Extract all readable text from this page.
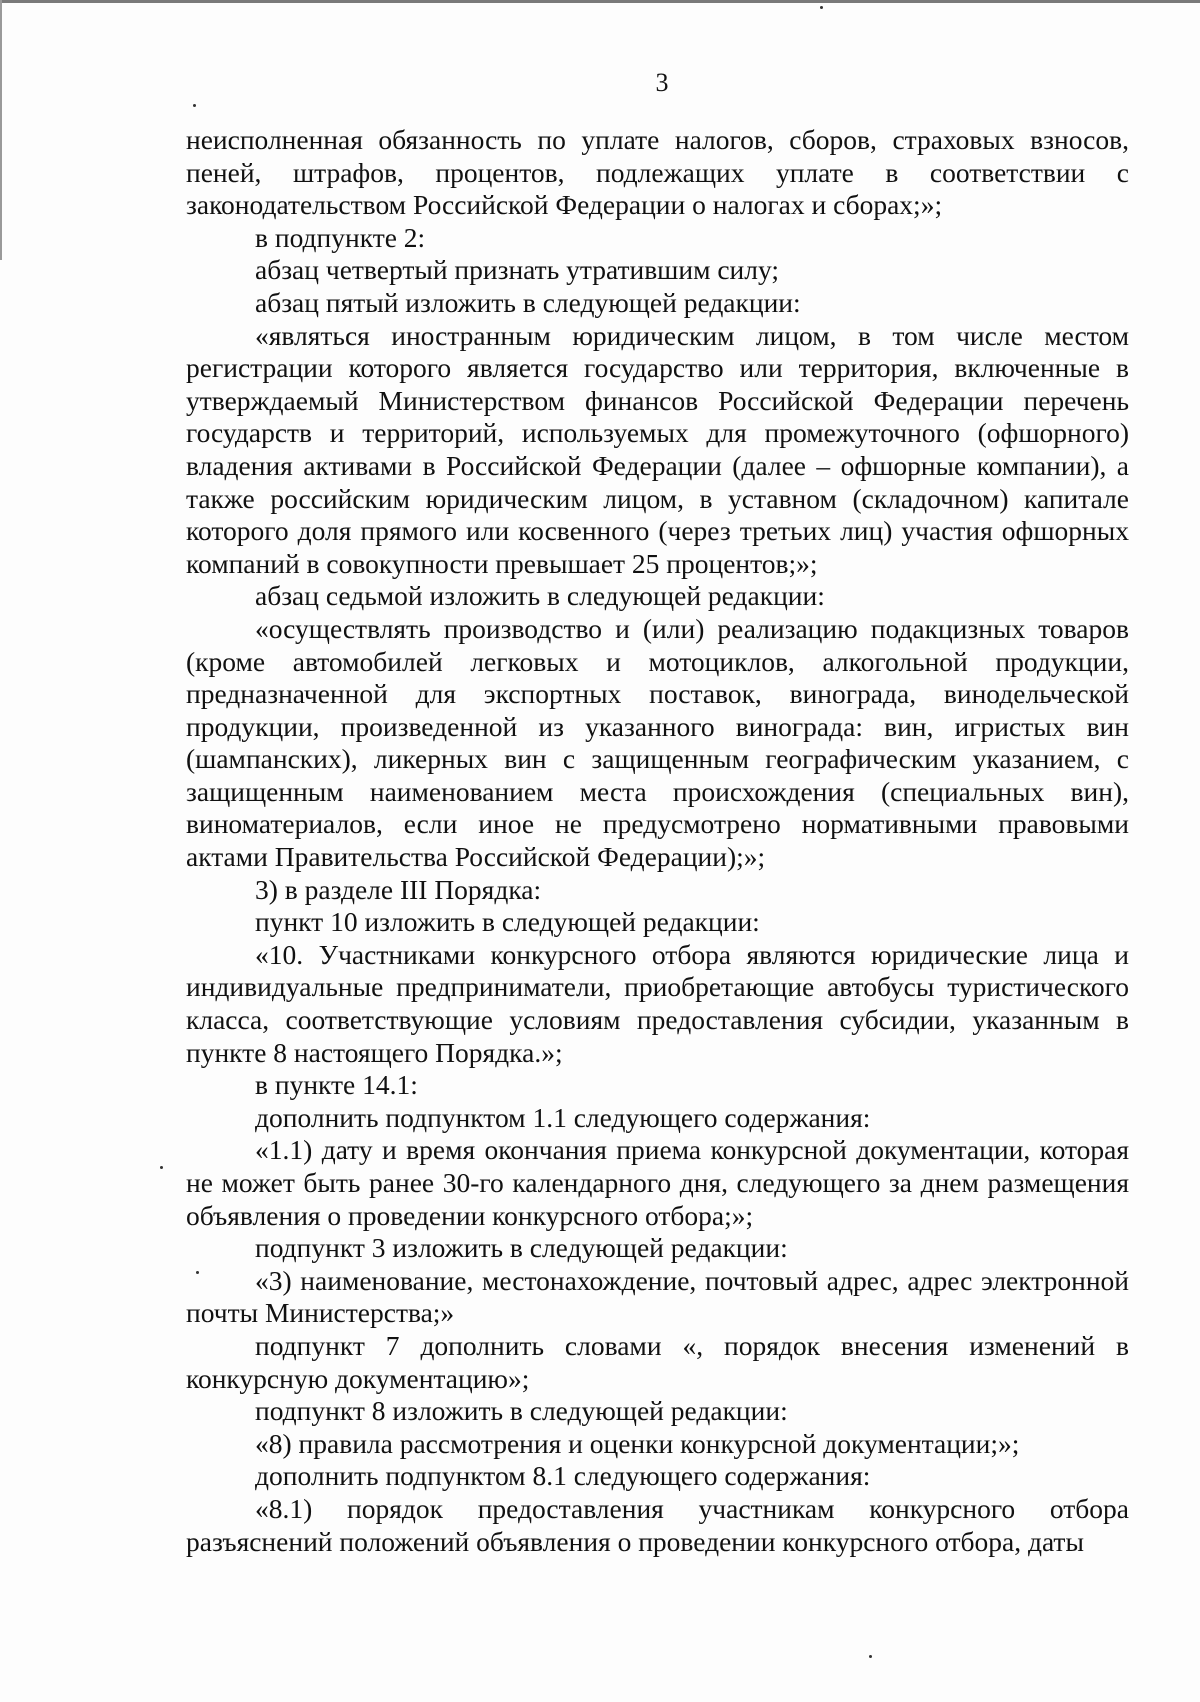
3

неисполненная обязанность по уплате налогов, сборов, страховых взносов, пеней, штрафов, процентов, подлежащих уплате в соответствии с законодательством Российской Федерации о налогах и сборах;»;

в подпункте 2:

абзац четвертый признать утратившим силу;

абзац пятый изложить в следующей редакции:

«являться иностранным юридическим лицом, в том числе местом регистрации которого является государство или территория, включенные в утверждаемый Министерством финансов Российской Федерации перечень государств и территорий, используемых для промежуточного (офшорного) владения активами в Российской Федерации (далее – офшорные компании), а также российским юридическим лицом, в уставном (складочном) капитале которого доля прямого или косвенного (через третьих лиц) участия офшорных компаний в совокупности превышает 25 процентов;»;

абзац седьмой изложить в следующей редакции:

«осуществлять производство и (или) реализацию подакцизных товаров (кроме автомобилей легковых и мотоциклов, алкогольной продукции, предназначенной для экспортных поставок, винограда, винодельческой продукции, произведенной из указанного винограда: вин, игристых вин (шампанских), ликерных вин с защищенным географическим указанием, с защищенным наименованием места происхождения (специальных вин), виноматериалов, если иное не предусмотрено нормативными правовыми актами Правительства Российской Федерации);»;

3) в разделе III Порядка:

пункт 10 изложить в следующей редакции:

«10. Участниками конкурсного отбора являются юридические лица и индивидуальные предприниматели, приобретающие автобусы туристического класса, соответствующие условиям предоставления субсидии, указанным в пункте 8 настоящего Порядка.»;

в пункте 14.1:

дополнить подпунктом 1.1 следующего содержания:

«1.1) дату и время окончания приема конкурсной документации, которая не может быть ранее 30-го календарного дня, следующего за днем размещения объявления о проведении конкурсного отбора;»;

подпункт 3 изложить в следующей редакции:

«3) наименование, местонахождение, почтовый адрес, адрес электронной почты Министерства;»

подпункт 7 дополнить словами «, порядок внесения изменений в конкурсную документацию»;

подпункт 8 изложить в следующей редакции:

«8) правила рассмотрения и оценки конкурсной документации;»;

дополнить подпунктом 8.1 следующего содержания:

«8.1) порядок предоставления участникам конкурсного отбора разъяснений положений объявления о проведении конкурсного отбора, даты
